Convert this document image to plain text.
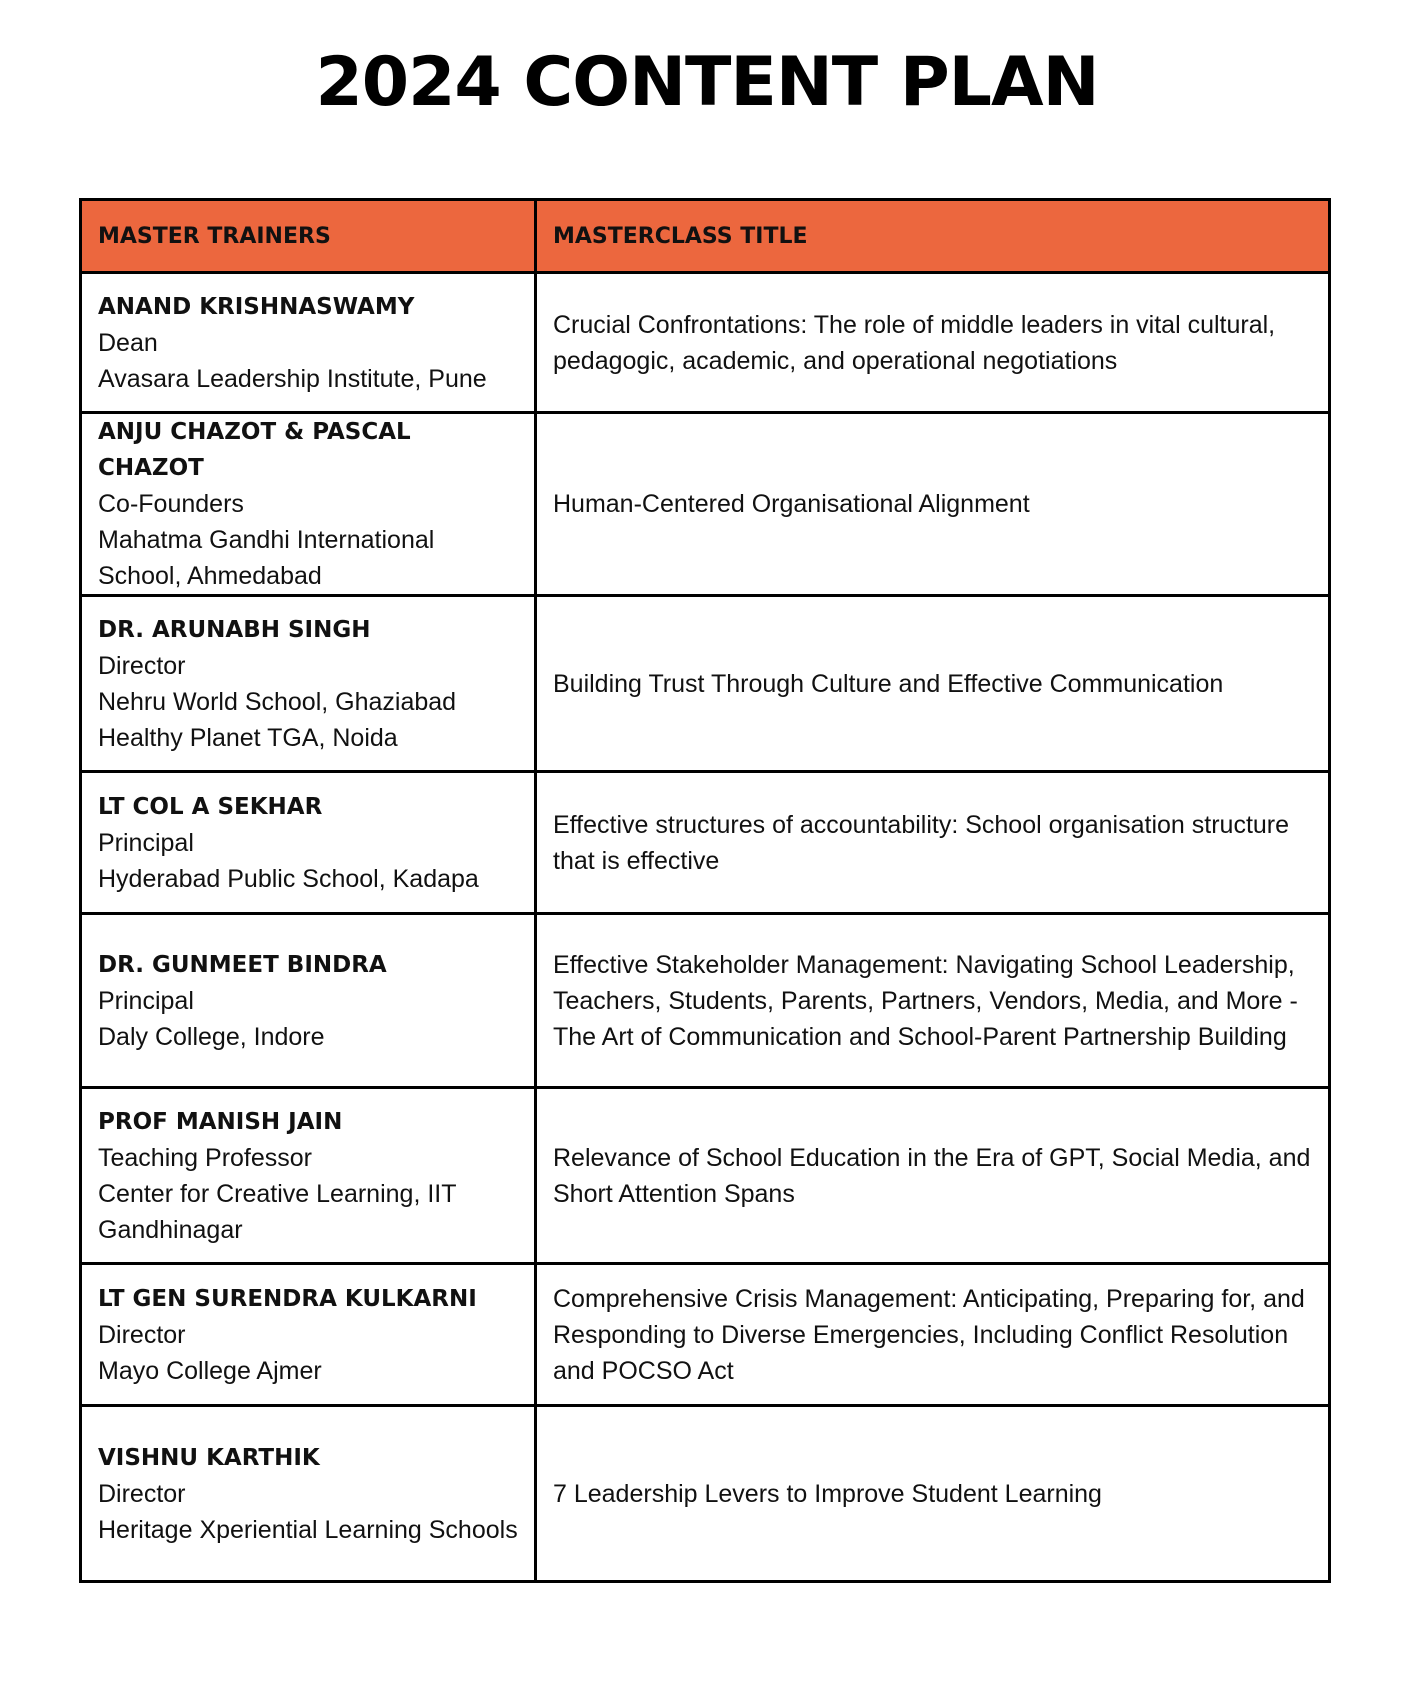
2024 CONTENT PLAN
MASTER TRAINERS	MASTERCLASS TITLE

ANAND KRISHNASWAMY
Dean
Avasara Leadership Institute, Pune	Crucial Confrontations: The role of middle leaders in vital cultural, pedagogic, academic, and operational negotiations

ANJU CHAZOT & PASCAL CHAZOT
Co-Founders
Mahatma Gandhi International School, Ahmedabad	Human-Centered Organisational Alignment

DR. ARUNABH SINGH
Director
Nehru World School, Ghaziabad
Healthy Planet TGA, Noida	Building Trust Through Culture and Effective Communication

LT COL A SEKHAR
Principal
Hyderabad Public School, Kadapa	Effective structures of accountability: School organisation structure that is effective

DR. GUNMEET BINDRA
Principal
Daly College, Indore	Effective Stakeholder Management: Navigating School Leadership, Teachers, Students, Parents, Partners, Vendors, Media, and More - The Art of Communication and School-Parent Partnership Building

PROF MANISH JAIN
Teaching Professor
Center for Creative Learning, IIT Gandhinagar	Relevance of School Education in the Era of GPT, Social Media, and Short Attention Spans

LT GEN SURENDRA KULKARNI
Director
Mayo College Ajmer	Comprehensive Crisis Management: Anticipating, Preparing for, and Responding to Diverse Emergencies, Including Conflict Resolution and POCSO Act

VISHNU KARTHIK
Director
Heritage Xperiential Learning Schools	7 Leadership Levers to Improve Student Learning
